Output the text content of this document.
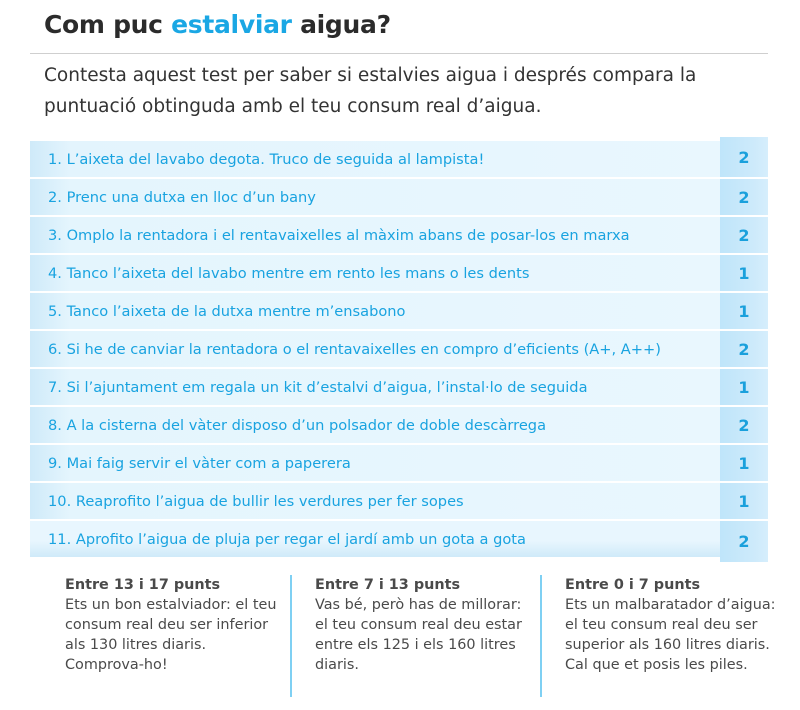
Com puc estalviar aigua?

Contesta aquest test per saber si estalvies aigua i després compara la puntuació obtinguda amb el teu consum real d’aigua.

1. L’aixeta del lavabo degota. Truco de seguida al lampista!	2
2. Prenc una dutxa en lloc d’un bany	2
3. Omplo la rentadora i el rentavaixelles al màxim abans de posar-los en marxa	2
4. Tanco l’aixeta del lavabo mentre em rento les mans o les dents	1
5. Tanco l’aixeta de la dutxa mentre m’ensabono	1
6. Si he de canviar la rentadora o el rentavaixelles en compro d’eficients (A+, A++)	2
7. Si l’ajuntament em regala un kit d’estalvi d’aigua, l’instal·lo de seguida	1
8. A la cisterna del vàter disposo d’un polsador de doble descàrrega	2
9. Mai faig servir el vàter com a paperera	1
10. Reaprofito l’aigua de bullir les verdures per fer sopes	1
11. Aprofito l’aigua de pluja per regar el jardí amb un gota a gota	2
Entre 13 i 17 punts
Ets un bon estalviador: el teu consum real deu ser inferior als 130 litres diaris. Comprova-ho!
Entre 7 i 13 punts
Vas bé, però has de millorar: el teu consum real deu estar entre els 125 i els 160 litres diaris.
Entre 0 i 7 punts
Ets un malbaratador d’aigua: el teu consum real deu ser superior als 160 litres diaris. Cal que et posis les piles.
